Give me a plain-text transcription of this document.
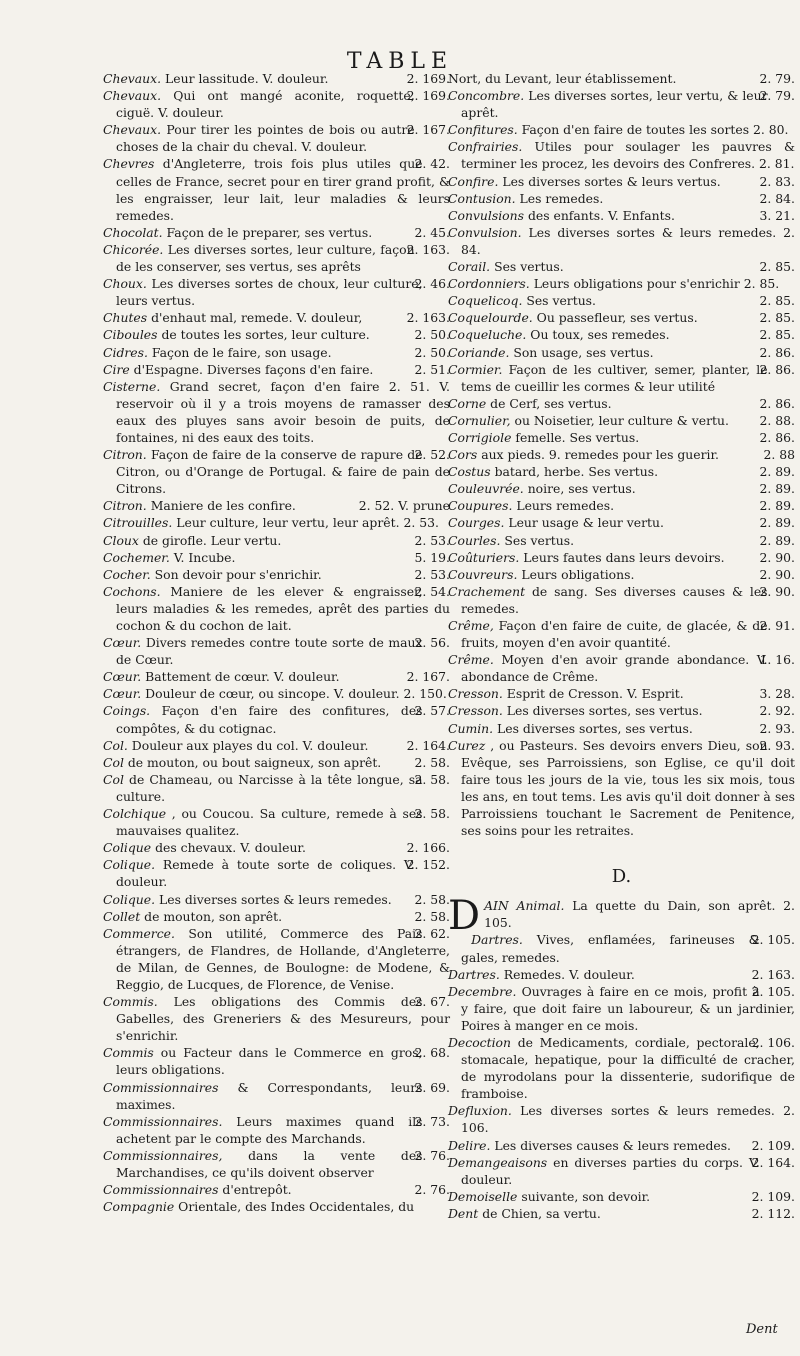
TABLE
2. 169.
Chevaux. Leur lassitude. V. douleur.
2. 169.
Chevaux. Qui ont mangé aconite, roquette, ciguë. V. douleur.
2. 167.
Chevaux. Pour tirer les pointes de bois ou autre choses de la chair du cheval. V. douleur.
2. 42.
Chevres d'Angleterre, trois fois plus utiles que celles de France, secret pour en tirer grand profit, & les engraisser, leur lait, leur maladies & leurs remedes.
2. 45.
Chocolat. Façon de le preparer, ses vertus.
2. 163.
Chicorée. Les diverses sortes, leur culture, façon de les conserver, ses vertus, ses aprêts
2. 46.
Choux. Les diverses sortes de choux, leur culture, leurs vertus.
2. 163.
Chutes d'enhaut mal, remede. V. douleur,
2. 50.
Ciboules de toutes les sortes, leur culture.
2. 50.
Cidres. Façon de le faire, son usage.
2. 51.
Cire d'Espagne. Diverses façons d'en faire.
Cisterne. Grand secret, façon d'en faire 2. 51. V. reservoir où il y a trois moyens de ramasser des eaux des pluyes sans avoir besoin de puits, de fontaines, ni des eaux des toits.
2. 52.
Citron. Façon de faire de la conserve de rapure de Citron, ou d'Orange de Portugal. & faire de pain de Citrons.
2. 52. V. prune
Citron. Maniere de les confire.
Citrouilles. Leur culture, leur vertu, leur aprêt. 2. 53.
2. 53.
Cloux de girofle. Leur vertu.
5. 19.
Cochemer. V. Incube.
2. 53.
Cocher. Son devoir pour s'enrichir.
2. 54.
Cochons. Maniere de les elever & engraisser, leurs maladies & les remedes, aprêt des parties du cochon & du cochon de lait.
2. 56.
Cœur. Divers remedes contre toute sorte de maux de Cœur.
2. 167.
Cœur. Battement de cœur. V. douleur.
Cœur. Douleur de cœur, ou sincope. V. douleur. 2. 150.
2. 57.
Coings. Façon d'en faire des confitures, des compôtes, & du cotignac.
2. 164.
Col. Douleur aux playes du col. V. douleur.
2. 58.
Col de mouton, ou bout saigneux, son aprêt.
2. 58.
Col de Chameau, ou Narcisse à la tête longue, sa culture.
2. 58.
Colchique , ou Coucou. Sa culture, remede à ses mauvaises qualitez.
2. 166.
Colique des chevaux. V. douleur.
2. 152.
Colique. Remede à toute sorte de coliques. V. douleur.
2. 58.
Colique. Les diverses sortes & leurs remedes.
2. 58.
Collet de mouton, son aprêt.
2. 62.
Commerce. Son utilité, Commerce des Pais étrangers, de Flandres, de Hollande, d'Angleterre, de Milan, de Gennes, de Boulogne: de Modene, & Reggio, de Lucques, de Florence, de Venise.
2. 67.
Commis. Les obligations des Commis des Gabelles, des Greneriers & des Mesureurs, pour s'enrichir.
2. 68.
Commis ou Facteur dans le Commerce en gros, leurs obligations.
2. 69.
Commissionnaires & Correspondants, leurs maximes.
2. 73.
Commissionnaires. Leurs maximes quand ils achetent par le compte des Marchands.
2. 76.
Commissionnaires, dans la vente des Marchandises, ce qu'ils doivent observer
2. 76.
Commissionnaires d'entrepôt.
Compagnie Orientale, des Indes Occidentales, du
2. 79.
Nort, du Levant, leur établissement.
2. 79.
Concombre. Les diverses sortes, leur vertu, & leur aprêt.
Confitures. Façon d'en faire de toutes les sortes 2. 80.
Confrairies. Utiles pour soulager les pauvres & terminer les procez, les devoirs des Confreres. 2. 81.
2. 83.
Confire. Les diverses sortes & leurs vertus.
2. 84.
Contusion. Les remedes.
3. 21.
Convulsions des enfants. V. Enfants.
Convulsion. Les diverses sortes & leurs remedes. 2. 84.
2. 85.
Corail. Ses vertus.
Cordonniers. Leurs obligations pour s'enrichir 2. 85.
2. 85.
Coquelicoq. Ses vertus.
2. 85.
Coquelourde. Ou passefleur, ses vertus.
2. 85.
Coqueluche. Ou toux, ses remedes.
2. 86.
Coriande. Son usage, ses vertus.
2. 86.
Cormier. Façon de les cultiver, semer, planter, le tems de cueillir les cormes & leur utilité
2. 86.
Corne de Cerf, ses vertus.
2. 88.
Cornulier, ou Noisetier, leur culture & vertu.
2. 86.
Corrigiole femelle. Ses vertus.
2. 88
Cors aux pieds. 9. remedes pour les guerir.
2. 89.
Costus batard, herbe. Ses vertus.
2. 89.
Couleuvrée. noire, ses vertus.
2. 89.
Coupures. Leurs remedes.
2. 89.
Courges. Leur usage & leur vertu.
2. 89.
Courles. Ses vertus.
2. 90.
Coûturiers. Leurs fautes dans leurs devoirs.
2. 90.
Couvreurs. Leurs obligations.
2. 90.
Crachement de sang. Ses diverses causes & les remedes.
2. 91.
Crême, Façon d'en faire de cuite, de glacée, & de fruits, moyen d'en avoir quantité.
1. 16.
Crême. Moyen d'en avoir grande abondance. V. abondance de Crême.
3. 28.
Cresson. Esprit de Cresson. V. Esprit.
2. 92.
Cresson. Les diverses sortes, ses vertus.
2. 93.
Cumin. Les diverses sortes, ses vertus.
2. 93.
Curez , ou Pasteurs. Ses devoirs envers Dieu, son Evêque, ses Parroissiens, son Eglise, ce qu'il doit faire tous les jours de la vie, tous les six mois, tous les ans, en tout tems. Les avis qu'il doit donner à ses Parroissiens touchant le Sacrement de Penitence, ses soins pour les retraites.
D.
DAIN Animal. La quette du Dain, son aprêt. 2. 105.
2. 105.
Dartres. Vives, enflamées, farineuses & gales, remedes.
2. 163.
Dartres. Remedes. V. douleur.
2. 105.
Decembre. Ouvrages à faire en ce mois, profit à y faire, que doit faire un laboureur, & un jardinier, Poires à manger en ce mois.
2. 106.
Decoction de Medicaments, cordiale, pectorale, stomacale, hepatique, pour la difficulté de cracher, de myrodolans pour la dissenterie, sudorifique de framboise.
Defluxion. Les diverses sortes & leurs remedes. 2. 106.
2. 109.
Delire. Les diverses causes & leurs remedes.
2. 164.
Demangeaisons en diverses parties du corps. V. douleur.
2. 109.
Demoiselle suivante, son devoir.
2. 112.
Dent de Chien, sa vertu.
Dent
